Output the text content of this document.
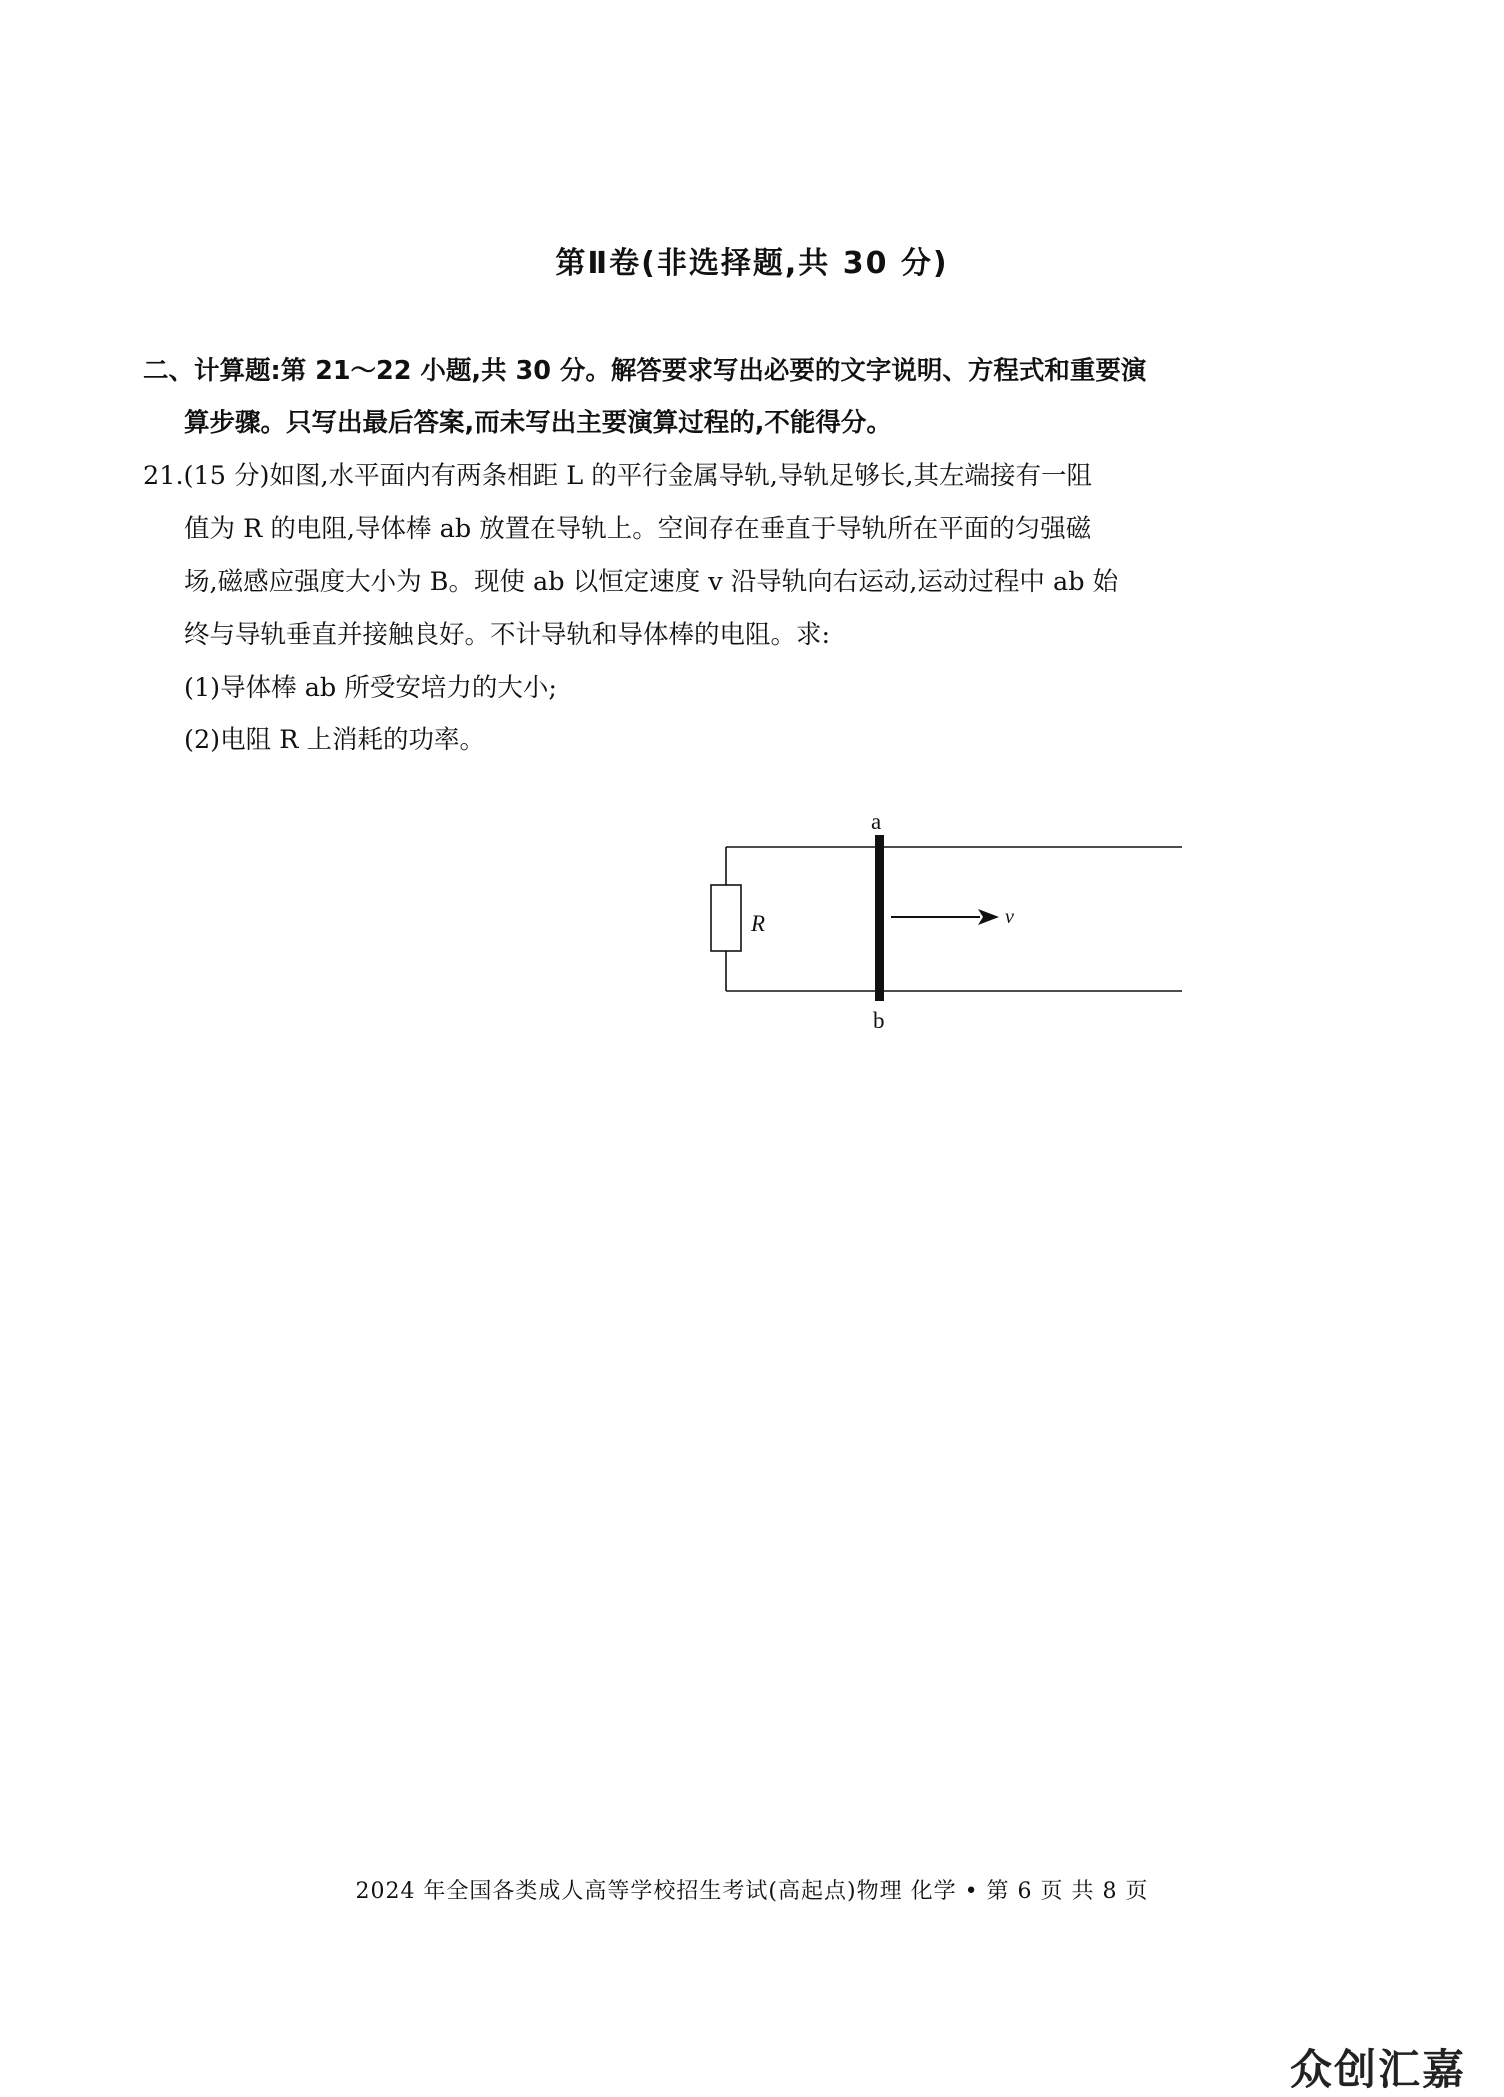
第Ⅱ卷(非选择题,共 30 分)
二、计算题:第 21～22 小题,共 30 分。解答要求写出必要的文字说明、方程式和重要演
算步骤。只写出最后答案,而未写出主要演算过程的,不能得分。
21.(15 分)如图,水平面内有两条相距 L 的平行金属导轨,导轨足够长,其左端接有一阻
值为 R 的电阻,导体棒 ab 放置在导轨上。空间存在垂直于导轨所在平面的匀强磁
场,磁感应强度大小为 B。现使 ab 以恒定速度 v 沿导轨向右运动,运动过程中 ab 始
终与导轨垂直并接触良好。不计导轨和导体棒的电阻。求:
(1)导体棒 ab 所受安培力的大小;
(2)电阻 R 上消耗的功率。
R
a
b
v
2024 年全国各类成人高等学校招生考试(高起点)物理 化学 • 第 6 页 共 8 页
众创汇嘉
